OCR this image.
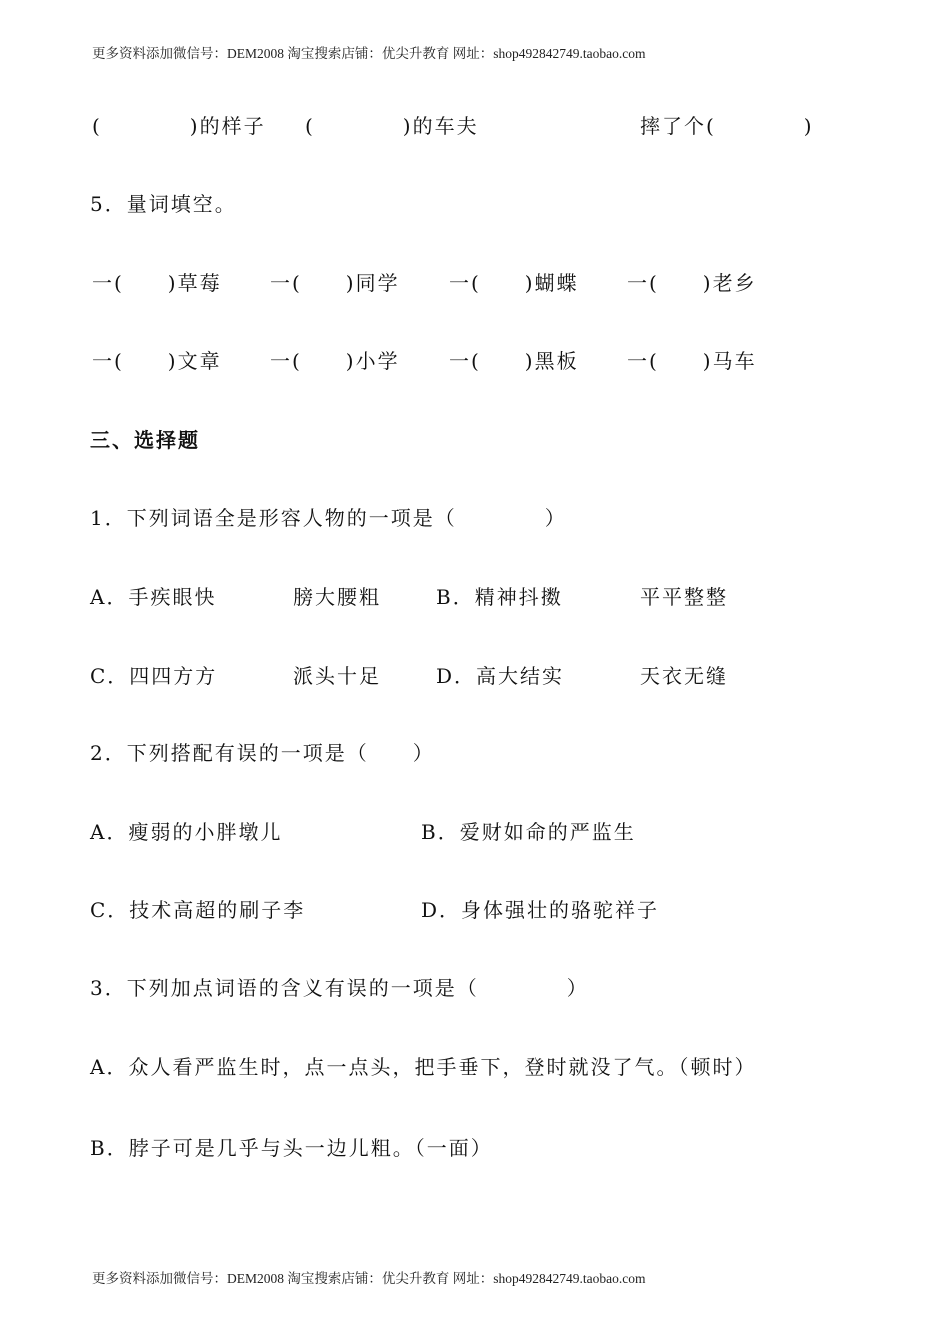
更多资料添加微信号：DEM2008 淘宝搜索店铺：优尖升教育 网址：shop492842749.taobao.com
(　　　　)的样子 (　　　　)的车夫	摔了个(　　　　)
5．量词填空。
一(　　)草莓 一(　　)同学 一(　　)蝴蝶 一(　　)老乡
一(　　)文章 一(　　)小学 一(　　)黑板 一(　　)马车
三、选择题
1．下列词语全是形容人物的一项是（　　　　）
A．手疾眼快	膀大腰粗	B．精神抖擞	平平整整
C．四四方方	派头十足	D．高大结实	天衣无缝
2．下列搭配有误的一项是（　　）
A．瘦弱的小胖墩儿	B．爱财如命的严监生
C．技术高超的刷子李	D．身体强壮的骆驼祥子
3．下列加点词语的含义有误的一项是（　　　　）
A．众人看严监生时，点一点头，把手垂下，登时就没了气。（顿时）
B．脖子可是几乎与头一边儿粗。（一面）
更多资料添加微信号：DEM2008 淘宝搜索店铺：优尖升教育 网址：shop492842749.taobao.com
